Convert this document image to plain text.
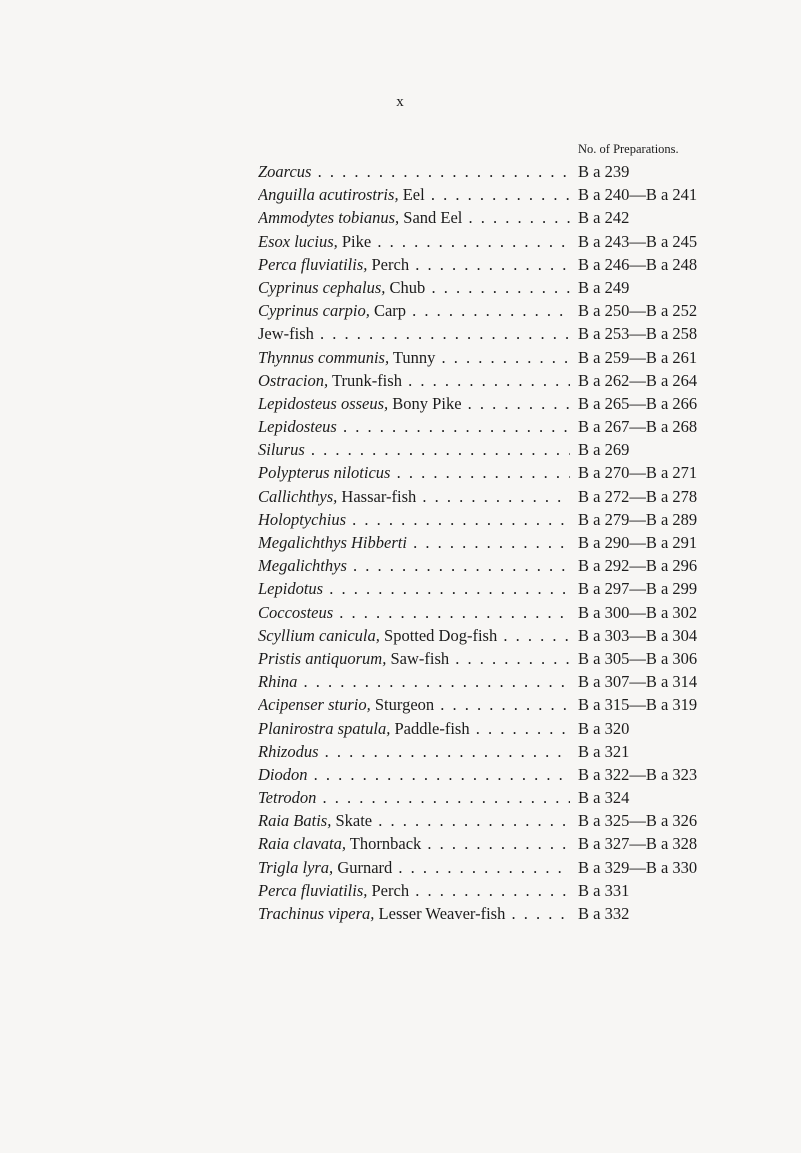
x
No. of Preparations.
Zoarcus . . .	B a 239
Anguilla acutirostris, Eel . . .	B a 240—B a 241
Ammodytes tobianus, Sand Eel . . .	B a 242
Esox lucius, Pike . . .	B a 243—B a 245
Perca fluviatilis, Perch . . .	B a 246—B a 248
Cyprinus cephalus, Chub . . .	B a 249
Cyprinus carpio, Carp . . .	B a 250—B a 252
Jew-fish . . .	B a 253—B a 258
Thynnus communis, Tunny . . .	B a 259—B a 261
Ostracion, Trunk-fish . . .	B a 262—B a 264
Lepidosteus osseus, Bony Pike . . .	B a 265—B a 266
Lepidosteus . . .	B a 267—B a 268
Silurus . . .	B a 269
Polypterus niloticus . . .	B a 270—B a 271
Callichthys, Hassar-fish . . .	B a 272—B a 278
Holoptychius . . .	B a 279—B a 289
Megalichthys Hibberti . . .	B a 290—B a 291
Megalichthys . . .	B a 292—B a 296
Lepidotus . . .	B a 297—B a 299
Coccosteus . . .	B a 300—B a 302
Scyllium canicula, Spotted Dog-fish . . .	B a 303—B a 304
Pristis antiquorum, Saw-fish . . .	B a 305—B a 306
Rhina . . .	B a 307—B a 314
Acipenser sturio, Sturgeon . . .	B a 315—B a 319
Planirostra spatula, Paddle-fish . . .	B a 320
Rhizodus . . .	B a 321
Diodon . . .	B a 322—B a 323
Tetrodon . . .	B a 324
Raia Batis, Skate . . .	B a 325—B a 326
Raia clavata, Thornback . . .	B a 327—B a 328
Trigla lyra, Gurnard . . .	B a 329—B a 330
Perca fluviatilis, Perch . . .	B a 331
Trachinus vipera, Lesser Weaver-fish . . .	B a 332
